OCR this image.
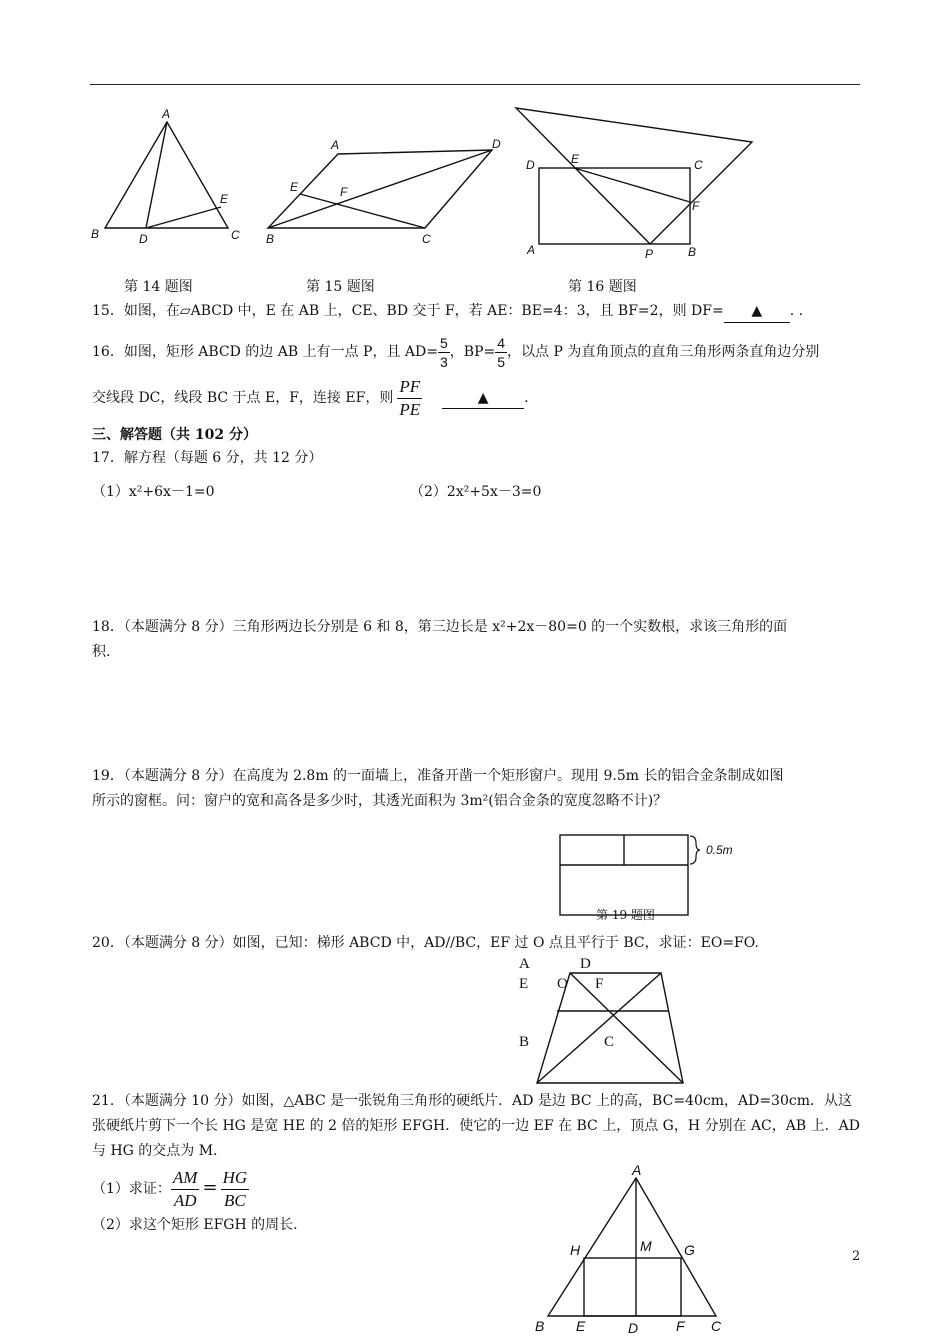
A
B	D	C
E
第 14 题图
A	D
E	F
B	C
第 15 题图
D	E	C
F
A	P	B
第 16 题图
15．如图，在▱ABCD 中，E 在 AB 上，CE、BD 交于 F，若 AE：BE=4：3，且 BF=2，则 DF= ▲ . .
16．如图，矩形 ABCD 的边 AB 上有一点 P，且 $AD= \frac{5}{3}$ ，$BP= \frac{4}{5}$ ，以点 P 为直角顶点的直角三角形两条直角边分别
交线段 DC，线段 BC 于点 E，F，连接 EF，则 $\frac{PF}{PE}$	▲	.
三、解答题（共 102 分）
17．解方程（每题 6 分，共 12 分）
（1）x²+6x－1=0	（2）2x²+5x－3=0
18．（本题满分 8 分）三角形两边长分别是 6 和 8，第三边长是 x²+2x－80=0 的一个实数根，求该三角形的面
积.
19．（本题满分 8 分）在高度为 2.8m 的一面墙上，准备开凿一个矩形窗户。现用 9.5m 长的铝合金条制成如图
所示的窗框。问：窗户的宽和高各是多少时，其透光面积为 3m²(铝合金条的宽度忽略不计)？
0.5m
第 19 题图
20．（本题满分 8 分）如图，已知：梯形 ABCD 中，AD//BC，EF 过 O 点且平行于 BC，求证：EO=FO.
A	D
E O F
B	C
21．（本题满分 10 分）如图，△ABC 是一张锐角三角形的硬纸片．AD 是边 BC 上的高，BC=40cm，AD=30cm．从这
张硬纸片剪下一个长 HG 是宽 HE 的 2 倍的矩形 EFGH．使它的一边 EF 在 BC 上，顶点 G，H 分别在 AC，AB 上．AD
与 HG 的交点为 M．
（1）求证： $\frac{AM}{AD} = \frac{HG}{BC}$
（2）求这个矩形 EFGH 的周长.
A
H	M G
B E	D	F C
2
